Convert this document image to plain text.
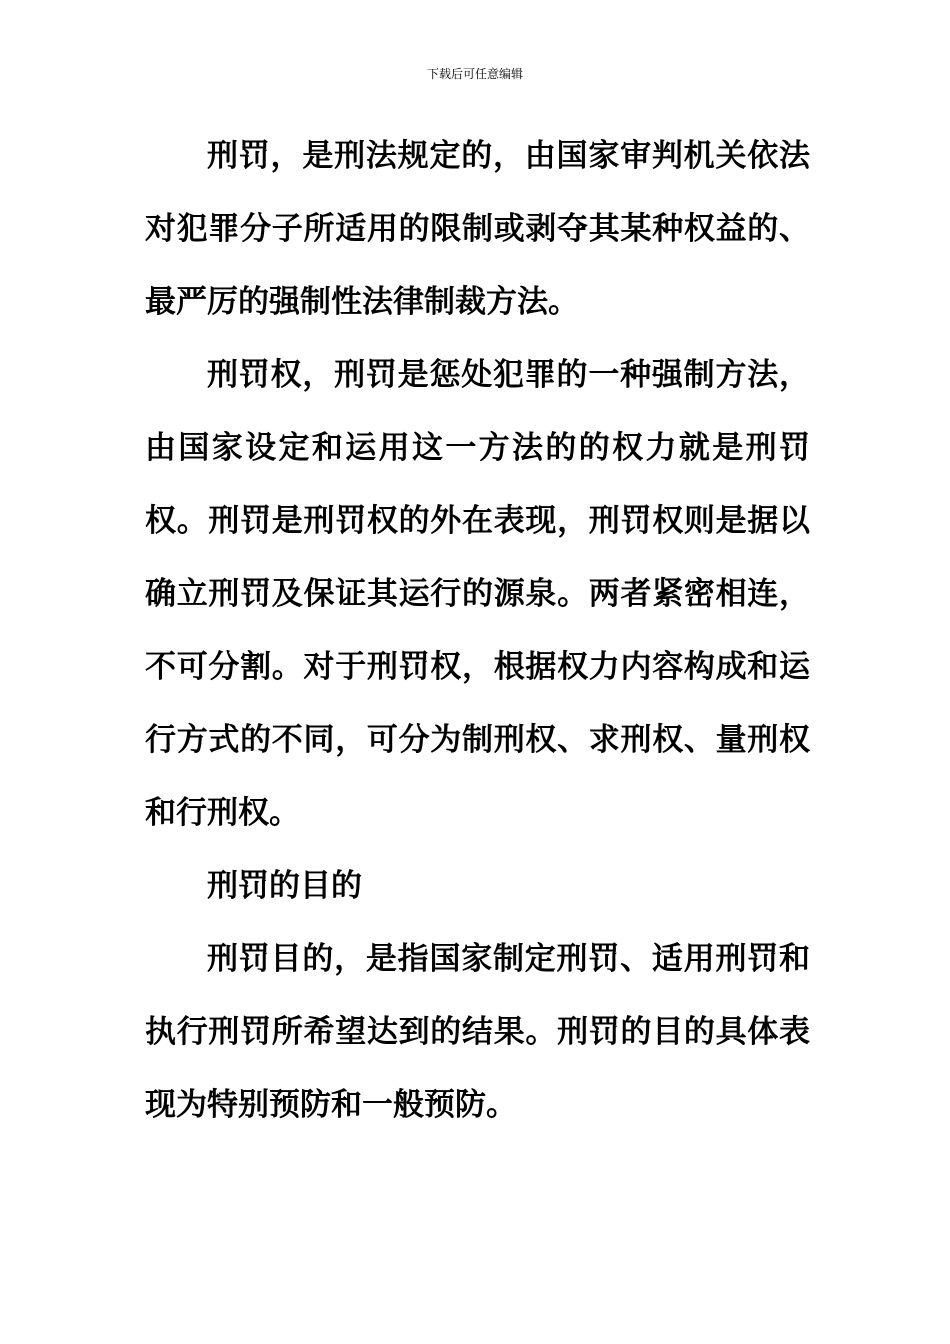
下载后可任意编辑

刑罚，是刑法规定的，由国家审判机关依法对犯罪分子所适用的限制或剥夺其某种权益的、最严厉的强制性法律制裁方法。

刑罚权，刑罚是惩处犯罪的一种强制方法，由国家设定和运用这一方法的的权力就是刑罚权。刑罚是刑罚权的外在表现，刑罚权则是据以确立刑罚及保证其运行的源泉。两者紧密相连，不可分割。对于刑罚权，根据权力内容构成和运行方式的不同，可分为制刑权、求刑权、量刑权和行刑权。

刑罚的目的

刑罚目的，是指国家制定刑罚、适用刑罚和执行刑罚所希望达到的结果。刑罚的目的具体表现为特别预防和一般预防。
